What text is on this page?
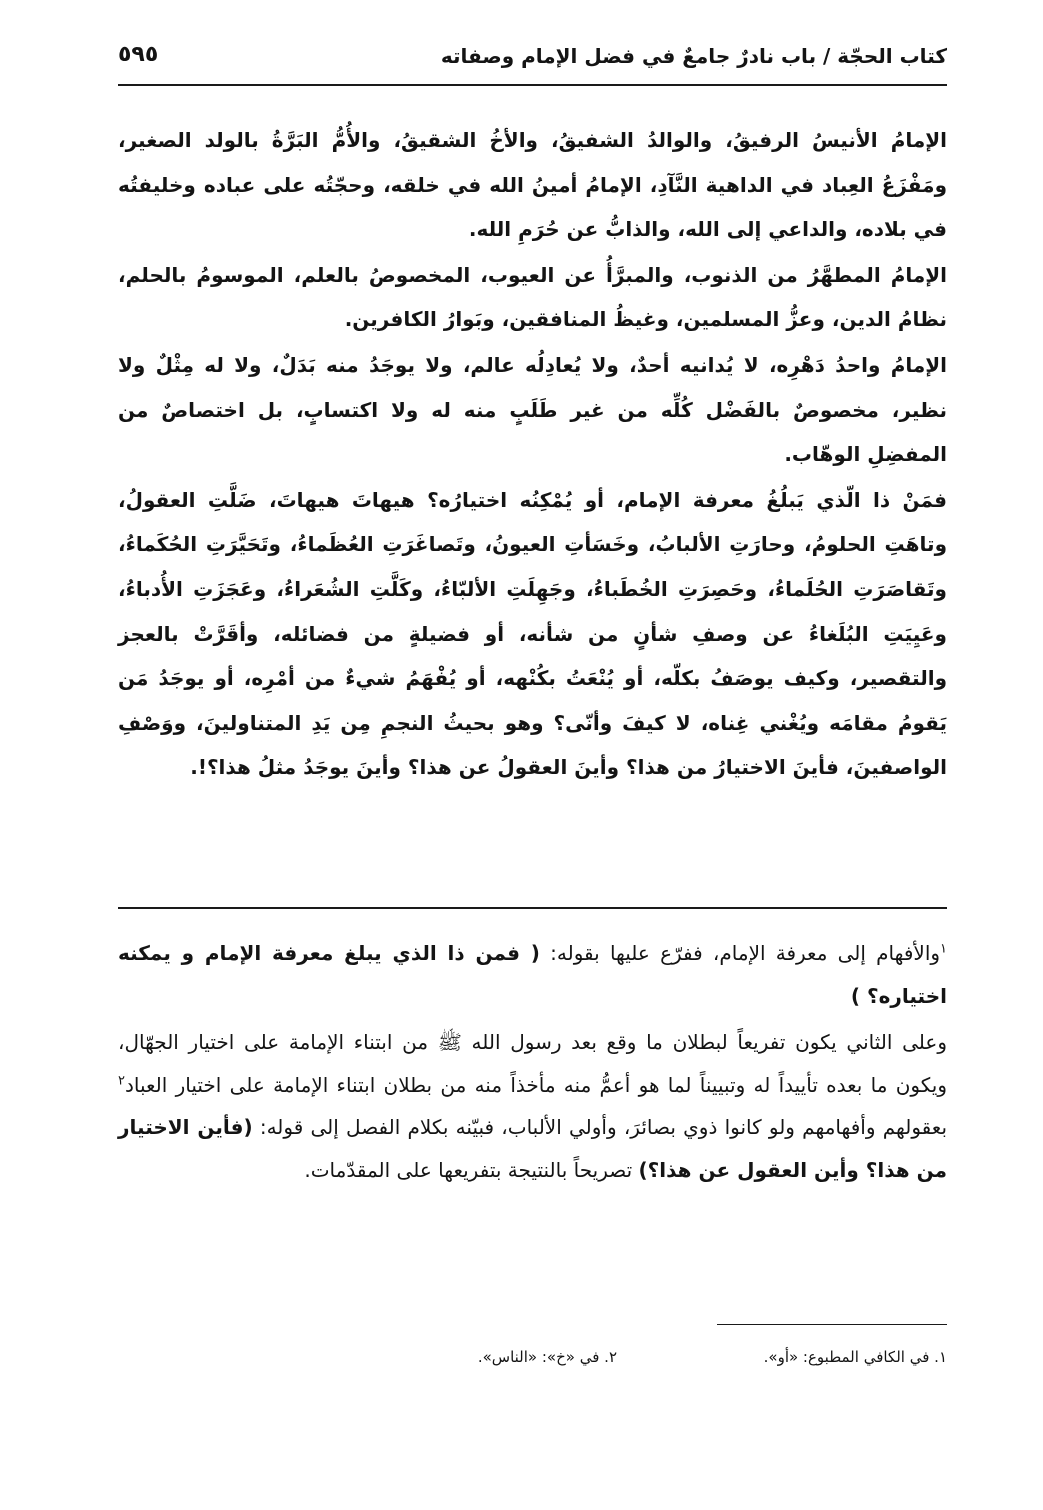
كتاب الحجّة / باب نادرٌ جامعٌ في فضل الإمام وصفاته
٥٩٥

الإمامُ الأنيسُ الرفيقُ، والوالدُ الشفيقُ، والأخُ الشقيقُ، والأُمُّ البَرَّةُ بالولد الصغير، ومَفْزَعُ العِباد في الداهية النَّآدِ، الإمامُ أمينُ الله في خلقه، وحجّتُه على عباده وخليفتُه في بلاده، والداعي إلى الله، والذابُّ عن حُرَمِ الله.

الإمامُ المطهَّرُ من الذنوب، والمبرَّأُ عن العيوب، المخصوصُ بالعلم، الموسومُ بالحلم، نظامُ الدين، وعزُّ المسلمين، وغيظُ المنافقين، وبَوارُ الكافرين.

الإمامُ واحدُ دَهْرِه، لا يُدانيه أحدٌ، ولا يُعادِلُه عالم، ولا يوجَدُ منه بَدَلٌ، ولا له مِثْلٌ ولا نظير، مخصوصٌ بالفَضْل كُلِّه من غير طَلَبٍ منه له ولا اكتسابٍ، بل اختصاصٌ من المفضِلِ الوهّاب.

فمَنْ ذا الّذي يَبلُغُ معرفة الإمام، أو يُمْكِنُه اختيارُه؟ هيهاتَ هيهاتَ، ضَلَّتِ العقولُ، وتاهَتِ الحلومُ، وحارَتِ الألبابُ، وخَسَأتِ العيونُ، وتَصاغَرَتِ العُظَماءُ، وتَحَيَّرَتِ الحُكَماءُ، وتَقاصَرَتِ الحُلَماءُ، وحَصِرَتِ الخُطَباءُ، وجَهِلَتِ الألبّاءُ، وكَلَّتِ الشُعَراءُ، وعَجَزَتِ الأُدباءُ، وعَيِيَتِ البُلَغاءُ عن وصفِ شأنٍ من شأنه، أو فضيلةٍ من فضائله، وأقَرَّتْ بالعجز والتقصير، وكيف يوصَفُ بكلّه، أو يُنْعَتُ بكُنْهه، أو يُفْهَمُ شيءٌ من أمْرِه، أو يوجَدُ مَن يَقومُ مقامَه ويُغْني غِناه، لا كيفَ وأنّى؟ وهو بحيثُ النجمِ مِن يَدِ المتناولينَ، ووَصْفِ الواصفينَ، فأينَ الاختيارُ من هذا؟ وأينَ العقولُ عن هذا؟ وأينَ يوجَدُ مثلُ هذا؟!.

$^١$والأفهام إلى معرفة الإمام، ففرّع عليها بقوله: ( فمن ذا الذي يبلغ معرفة الإمام و يمكنه اختياره؟ )

وعلى الثاني يكون تفريعاً لبطلان ما وقع بعد رسول الله ﷺ من ابتناء الإمامة على اختيار الجهّال، ويكون ما بعده تأييداً له وتبييناً لما هو أعمُّ منه مأخذاً منه من بطلان ابتناء الإمامة على اختيار العباد$^٢$ بعقولهم وأفهامهم ولو كانوا ذوي بصائرَ، وأولي الألباب، فبيّنه بكلام الفصل إلى قوله: (فأين الاختيار من هذا؟ وأين العقول عن هذا؟) تصريحاً بالنتيجة بتفريعها على المقدّمات.

١. في الكافي المطبوع: «أو».
٢. في «خ»: «الناس».
